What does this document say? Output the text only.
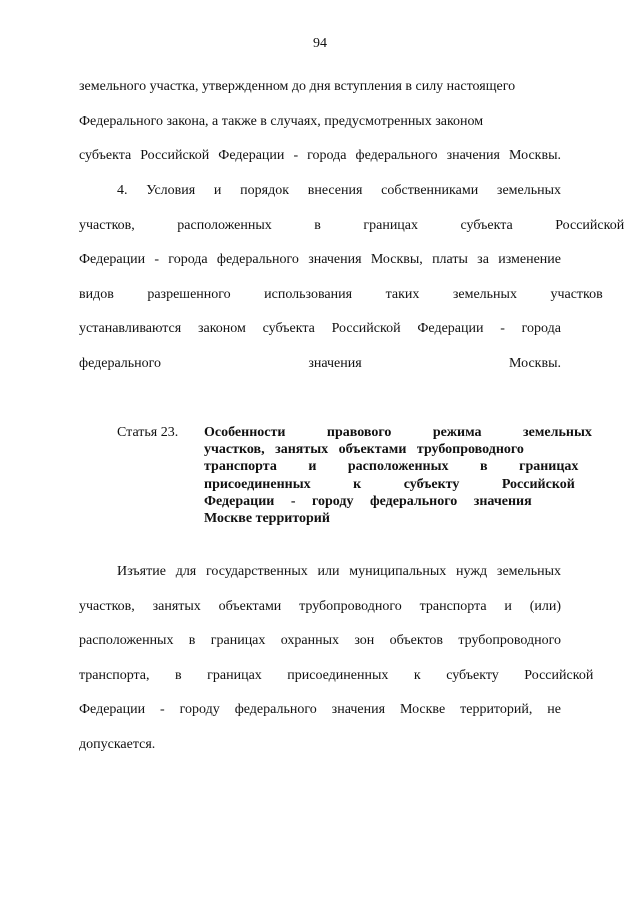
94
земельного участка, утвержденном до дня вступления в силу настоящего
Федерального закона, а также в случаях, предусмотренных законом
субъекта Российской Федерации - города федерального значения Москвы.
4. Условия и порядок внесения собственниками земельных
участков, расположенных в границах субъекта Российской
Федерации - города федерального значения Москвы, платы за изменение
видов разрешенного использования таких земельных участков
устанавливаются законом субъекта Российской Федерации - города
федерального значения Москвы.
Статья 23. Особенности правового режима земельных
участков, занятых объектами трубопроводного
транспорта и расположенных в границах
присоединенных к субъекту Российской
Федерации - городу федерального значения
Москве территорий
Изъятие для государственных или муниципальных нужд земельных
участков, занятых объектами трубопроводного транспорта и (или)
расположенных в границах охранных зон объектов трубопроводного
транспорта, в границах присоединенных к субъекту Российской
Федерации - городу федерального значения Москве территорий, не
допускается.
